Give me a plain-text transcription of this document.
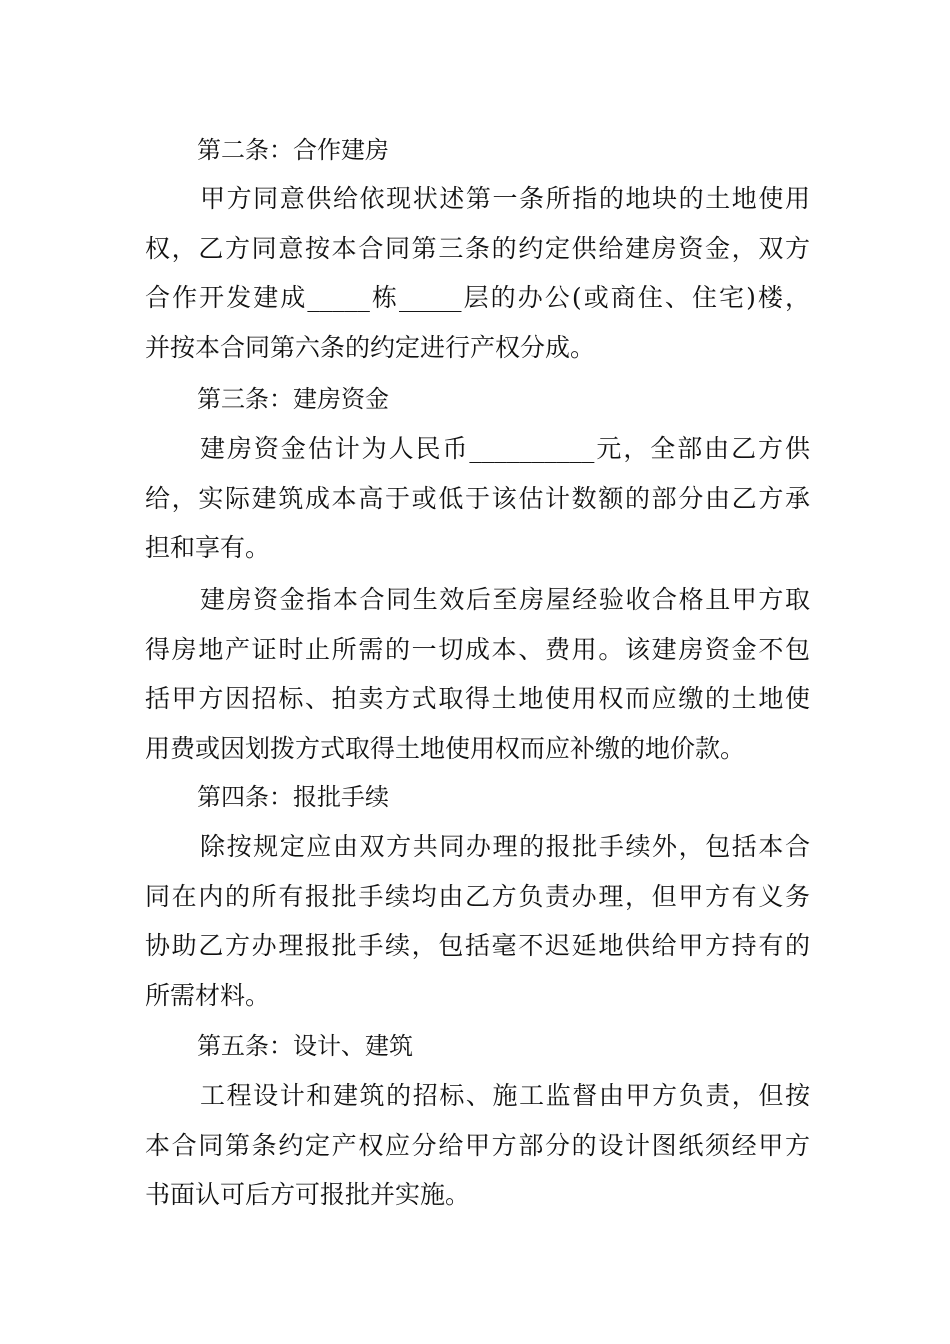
第二条：合作建房

甲方同意供给依现状述第一条所指的地块的土地使用
权，乙方同意按本合同第三条的约定供给建房资金，双方
合作开发建成_____栋_____层的办公(或商住、住宅)楼，
并按本合同第六条的约定进行产权分成。

第三条：建房资金

建房资金估计为人民币__________元，全部由乙方供
给，实际建筑成本高于或低于该估计数额的部分由乙方承
担和享有。

建房资金指本合同生效后至房屋经验收合格且甲方取
得房地产证时止所需的一切成本、费用。该建房资金不包
括甲方因招标、拍卖方式取得土地使用权而应缴的土地使
用费或因划拨方式取得土地使用权而应补缴的地价款。

第四条：报批手续

除按规定应由双方共同办理的报批手续外，包括本合
同在内的所有报批手续均由乙方负责办理，但甲方有义务
协助乙方办理报批手续，包括毫不迟延地供给甲方持有的
所需材料。

第五条：设计、建筑

工程设计和建筑的招标、施工监督由甲方负责，但按
本合同第条约定产权应分给甲方部分的设计图纸须经甲方
书面认可后方可报批并实施。
